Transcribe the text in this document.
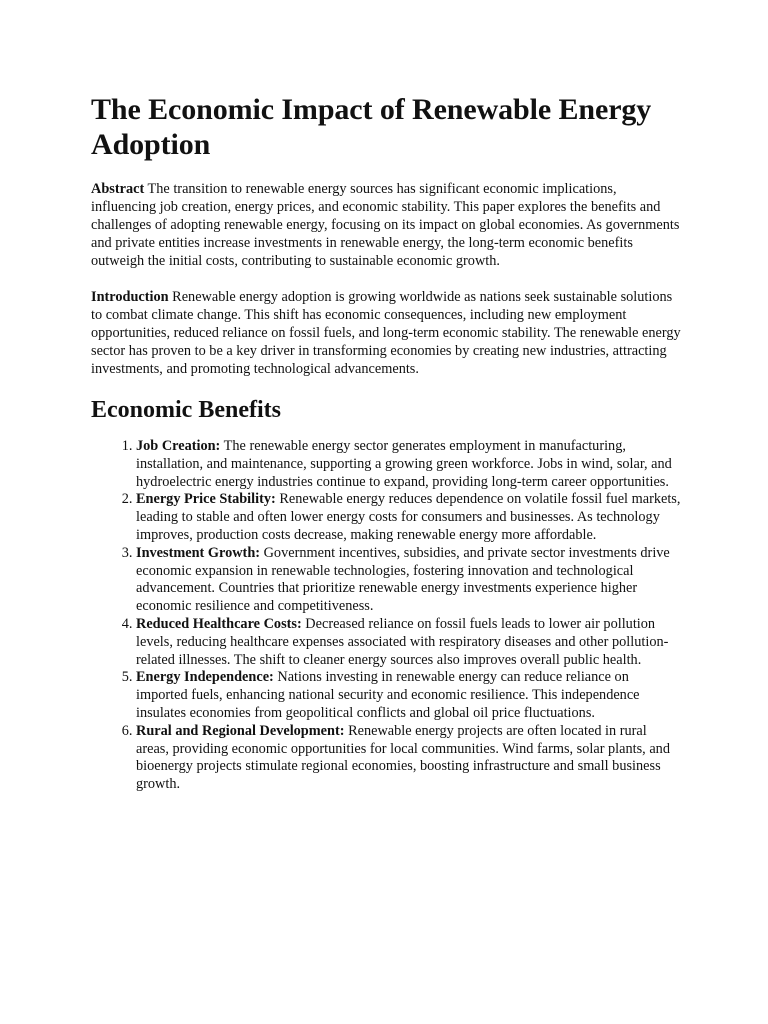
The Economic Impact of Renewable Energy Adoption

Abstract The transition to renewable energy sources has significant economic implications, influencing job creation, energy prices, and economic stability. This paper explores the benefits and challenges of adopting renewable energy, focusing on its impact on global economies. As governments and private entities increase investments in renewable energy, the long-term economic benefits outweigh the initial costs, contributing to sustainable economic growth.

Introduction Renewable energy adoption is growing worldwide as nations seek sustainable solutions to combat climate change. This shift has economic consequences, including new employment opportunities, reduced reliance on fossil fuels, and long-term economic stability. The renewable energy sector has proven to be a key driver in transforming economies by creating new industries, attracting investments, and promoting technological advancements.

Economic Benefits
1. Job Creation: The renewable energy sector generates employment in manufacturing, installation, and maintenance, supporting a growing green workforce. Jobs in wind, solar, and hydroelectric energy industries continue to expand, providing long-term career opportunities.
2. Energy Price Stability: Renewable energy reduces dependence on volatile fossil fuel markets, leading to stable and often lower energy costs for consumers and businesses. As technology improves, production costs decrease, making renewable energy more affordable.
3. Investment Growth: Government incentives, subsidies, and private sector investments drive economic expansion in renewable technologies, fostering innovation and technological advancement. Countries that prioritize renewable energy investments experience higher economic resilience and competitiveness.
4. Reduced Healthcare Costs: Decreased reliance on fossil fuels leads to lower air pollution levels, reducing healthcare expenses associated with respiratory diseases and other pollution-related illnesses. The shift to cleaner energy sources also improves overall public health.
5. Energy Independence: Nations investing in renewable energy can reduce reliance on imported fuels, enhancing national security and economic resilience. This independence insulates economies from geopolitical conflicts and global oil price fluctuations.
6. Rural and Regional Development: Renewable energy projects are often located in rural areas, providing economic opportunities for local communities. Wind farms, solar plants, and bioenergy projects stimulate regional economies, boosting infrastructure and small business growth.
